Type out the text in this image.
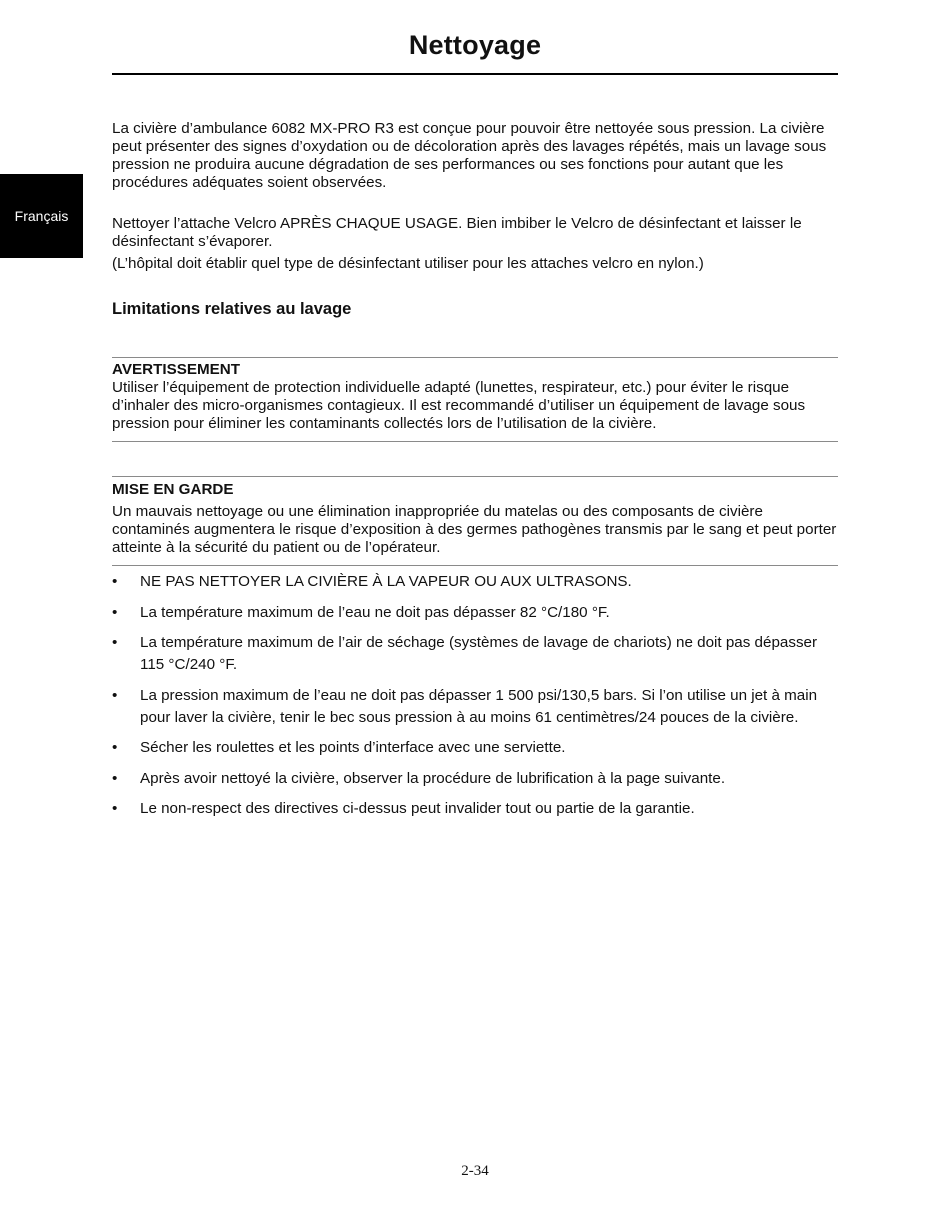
Nettoyage
Français

La civière d’ambulance 6082 MX-PRO R3 est conçue pour pouvoir être nettoyée sous pression. La civière peut présenter des signes d’oxydation ou de décoloration après des lavages répétés, mais un lavage sous pression ne produira aucune dégradation de ses performances ou ses fonctions pour autant que les procédures adéquates soient observées.

Nettoyer l’attache Velcro APRÈS CHAQUE USAGE. Bien imbiber le Velcro de désinfectant et laisser le désinfectant s’évaporer.

(L’hôpital doit établir quel type de désinfectant utiliser pour les attaches velcro en nylon.)

Limitations relatives au lavage

AVERTISSEMENT

Utiliser l’équipement de protection individuelle adapté (lunettes, respirateur, etc.) pour éviter le risque d’inhaler des micro-organismes contagieux. Il est recommandé d’utiliser un équipement de lavage sous pression pour éliminer les contaminants collectés lors de l’utilisation de la civière.

MISE EN GARDE

Un mauvais nettoyage ou une élimination inappropriée du matelas ou des composants de civière contaminés augmentera le risque d’exposition à des germes pathogènes transmis par le sang et peut porter atteinte à la sécurité du patient ou de l’opérateur.

• NE PAS NETTOYER LA CIVIÈRE À LA VAPEUR OU AUX ULTRASONS.
• La température maximum de l’eau ne doit pas dépasser 82 °C/180 °F.
• La température maximum de l’air de séchage (systèmes de lavage de chariots) ne doit pas dépasser 115 °C/240 °F.
• La pression maximum de l’eau ne doit pas dépasser 1 500 psi/130,5 bars. Si l’on utilise un jet à main pour laver la civière, tenir le bec sous pression à au moins 61 centimètres/24 pouces de la civière.
• Sécher les roulettes et les points d’interface avec une serviette.
• Après avoir nettoyé la civière, observer la procédure de lubrification à la page suivante.
• Le non-respect des directives ci-dessus peut invalider tout ou partie de la garantie.
2-34
